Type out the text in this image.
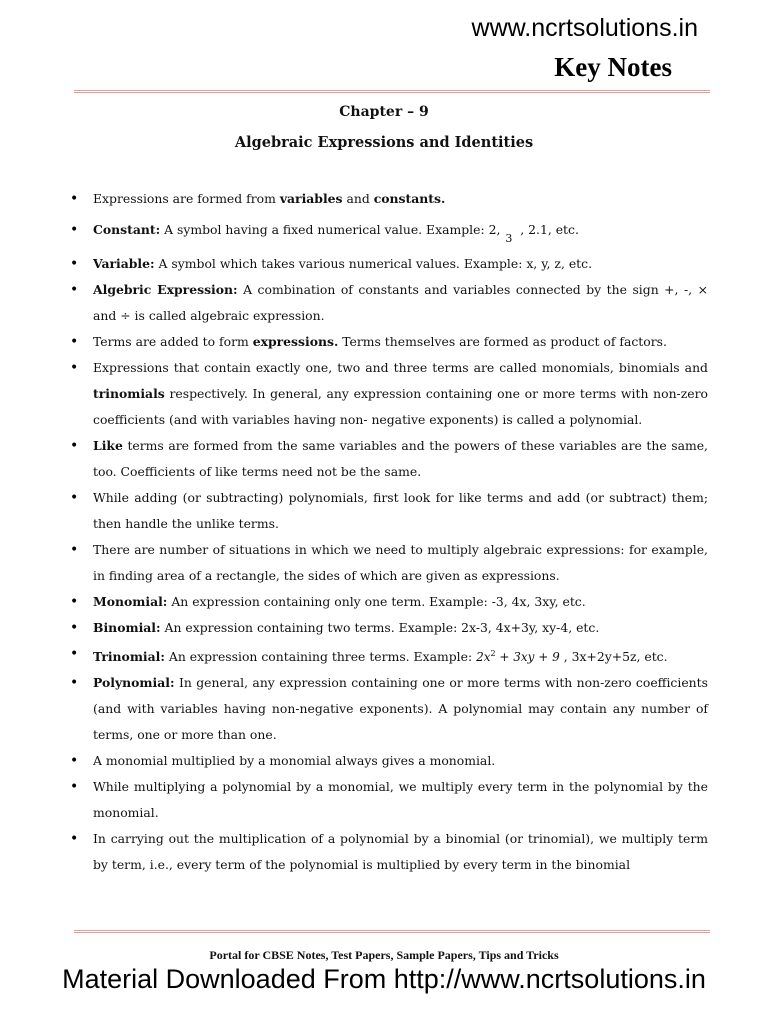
www.ncrtsolutions.in
Key Notes
Chapter – 9
Algebraic Expressions and Identities
• Expressions are formed from variables and constants.
• Constant: A symbol having a fixed numerical value. Example: 2,
3
, 2.1, etc.
• Variable: A symbol which takes various numerical values. Example: x, y, z, etc.
• Algebric Expression: A combination of constants and variables connected by the sign +, -, × and ÷ is called algebraic expression.
• Terms are added to form expressions. Terms themselves are formed as product of factors.
• Expressions that contain exactly one, two and three terms are called monomials, binomials and trinomials respectively. In general, any expression containing one or more terms with non-zero coefficients (and with variables having non- negative exponents) is called a polynomial.
• Like terms are formed from the same variables and the powers of these variables are the same, too. Coefficients of like terms need not be the same.
• While adding (or subtracting) polynomials, first look for like terms and add (or subtract) them; then handle the unlike terms.
• There are number of situations in which we need to multiply algebraic expressions: for example, in finding area of a rectangle, the sides of which are given as expressions.
• Monomial: An expression containing only one term. Example: -3, 4x, 3xy, etc.
• Binomial: An expression containing two terms. Example: 2x-3, 4x+3y, xy-4, etc.
• Trinomial: An expression containing three terms. Example: $2x^2 + 3xy + 9$ , 3x+2y+5z, etc.
• Polynomial: In general, any expression containing one or more terms with non-zero coefficients (and with variables having non-negative exponents). A polynomial may contain any number of terms, one or more than one.
• A monomial multiplied by a monomial always gives a monomial.
• While multiplying a polynomial by a monomial, we multiply every term in the polynomial by the monomial.
• In carrying out the multiplication of a polynomial by a binomial (or trinomial), we multiply term by term, i.e., every term of the polynomial is multiplied by every term in the binomial
Portal for CBSE Notes, Test Papers, Sample Papers, Tips and Tricks
Material Downloaded From http://www.ncrtsolutions.in
